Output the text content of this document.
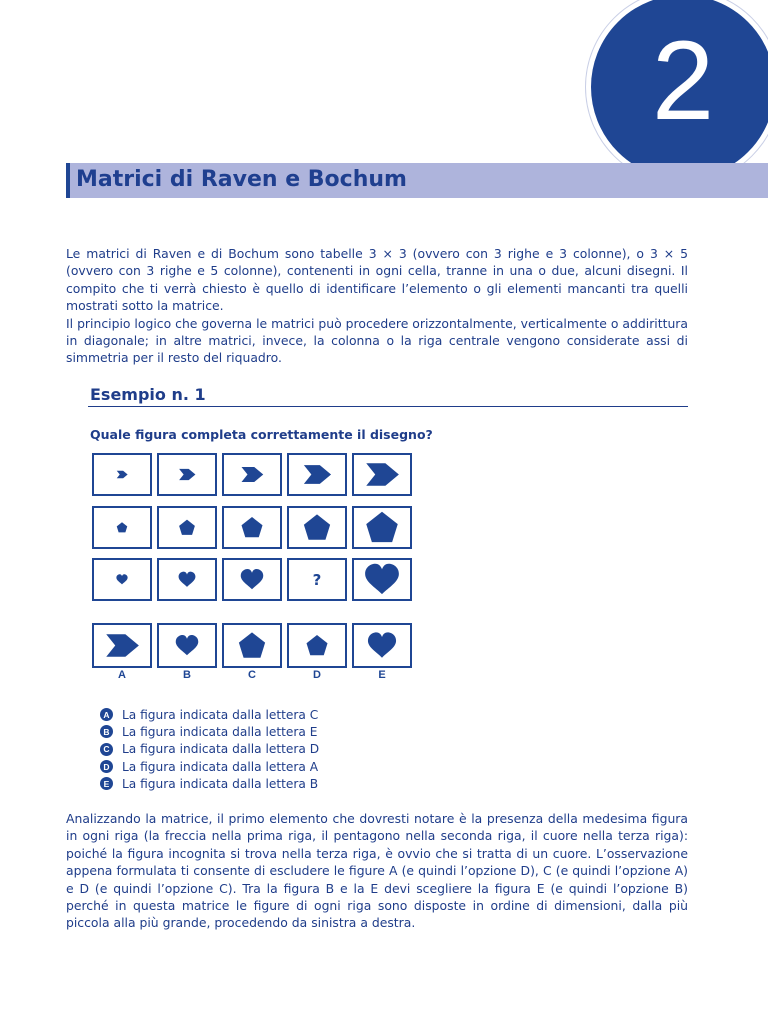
2
Matrici di Raven e Bochum

Le matrici di Raven e di Bochum sono tabelle 3 × 3 (ovvero con 3 righe e 3 colonne), o 3 × 5 (ovvero con 3 righe e 5 colonne), contenenti in ogni cella, tranne in una o due, alcuni disegni. Il compito che ti verrà chiesto è quello di identificare l’elemento o gli elementi mancanti tra quelli mostrati sotto la matrice.

Il principio logico che governa le matrici può procedere orizzontalmente, verticalmente o addirittura in diagonale; in altre matrici, invece, la colonna o la riga centrale vengono considerate assi di simmetria per il resto del riquadro.

Esempio n. 1
Quale figura completa correttamente il disegno?
?
A	B	C	D	E
A La figura indicata dalla lettera C
B La figura indicata dalla lettera E
C La figura indicata dalla lettera D
D La figura indicata dalla lettera A
E	La figura indicata dalla lettera B

Analizzando la matrice, il primo elemento che dovresti notare è la presenza della medesima figura in ogni riga (la freccia nella prima riga, il pentagono nella seconda riga, il cuore nella terza riga): poiché la figura incognita si trova nella terza riga, è ovvio che si tratta di un cuore. L’osservazione appena formulata ti consente di escludere le figure A (e quindi l’opzione D), C (e quindi l’opzione A) e D (e quindi l’opzione C). Tra la figura B e la E devi scegliere la figura E (e quindi l’opzione B) perché in questa matrice le figure di ogni riga sono disposte in ordine di dimensioni, dalla più piccola alla più grande, procedendo da sinistra a destra.
